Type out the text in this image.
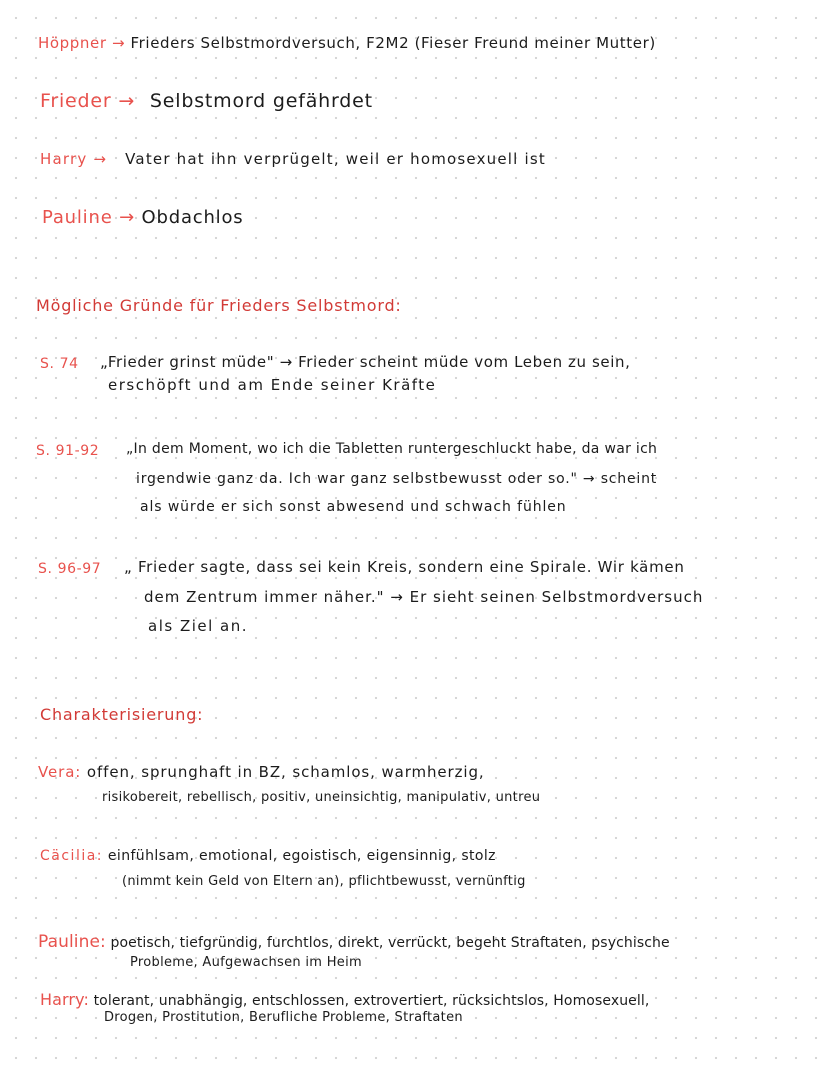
Höppner → Frieders Selbstmordversuch, F2M2 (Fieser Freund meiner Mutter)
Frieder → Selbstmord gefährdet
Harry → Vater hat ihn verprügelt, weil er homosexuell ist
Pauline → Obdachlos
Mögliche Gründe für Frieders Selbstmord:
S. 74 „Frieder grinst müde" → Frieder scheint müde vom Leben zu sein,
erschöpft und am Ende seiner Kräfte
S. 91-92 „In dem Moment, wo ich die Tabletten runtergeschluckt habe, da war ich
irgendwie ganz da. Ich war ganz selbstbewusst oder so." → scheint
als würde er sich sonst abwesend und schwach fühlen
S. 96-97 „ Frieder sagte, dass sei kein Kreis, sondern eine Spirale. Wir kämen
dem Zentrum immer näher." → Er sieht seinen Selbstmordversuch
als Ziel an.
Charakterisierung:
Vera: offen, sprunghaft in BZ, schamlos, warmherzig,
risikobereit, rebellisch, positiv, uneinsichtig, manipulativ, untreu
Cäcilia: einfühlsam, emotional, egoistisch, eigensinnig, stolz
(nimmt kein Geld von Eltern an), pflichtbewusst, vernünftig
Pauline: poetisch, tiefgründig, furchtlos, direkt, verrückt, begeht Straftaten, psychische
Probleme, Aufgewachsen im Heim
Harry: tolerant, unabhängig, entschlossen, extrovertiert, rücksichtslos, Homosexuell,
Drogen, Prostitution, Berufliche Probleme, Straftaten
